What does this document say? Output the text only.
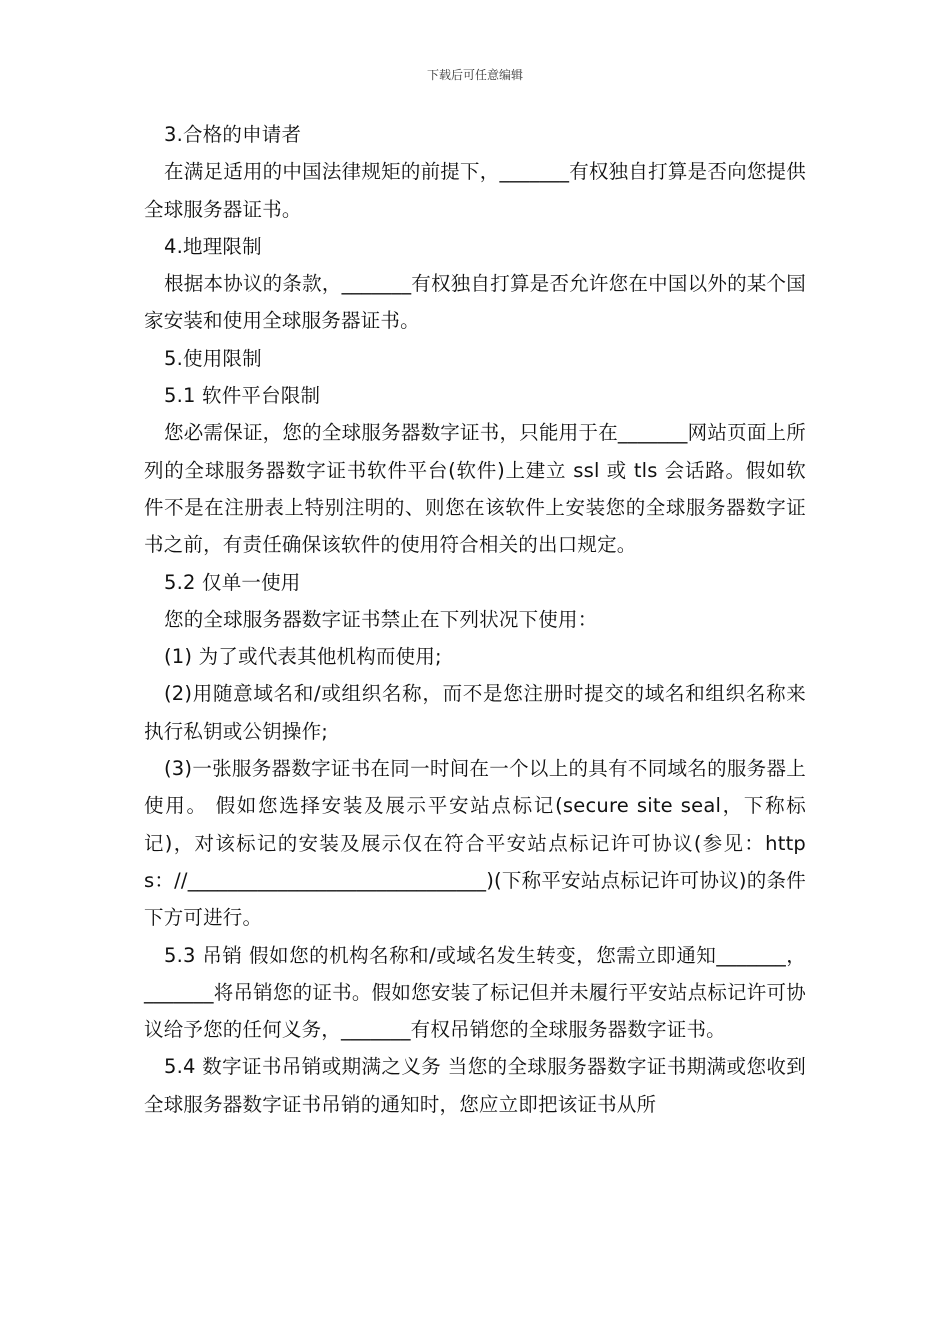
下载后可任意编辑

3.合格的申请者

在满足适用的中国法律规矩的前提下，_______有权独自打算是否向您提供全球服务器证书。

4.地理限制

根据本协议的条款，_______有权独自打算是否允许您在中国以外的某个国家安装和使用全球服务器证书。

5.使用限制

5.1 软件平台限制

您必需保证，您的全球服务器数字证书，只能用于在_______网站页面上所列的全球服务器数字证书软件平台(软件)上建立 ssl 或 tls 会话路。假如软件不是在注册表上特别注明的、则您在该软件上安装您的全球服务器数字证书之前，有责任确保该软件的使用符合相关的出口规定。

5.2 仅单一使用

您的全球服务器数字证书禁止在下列状况下使用：

(1) 为了或代表其他机构而使用;

(2)用随意域名和/或组织名称，而不是您注册时提交的域名和组织名称来执行私钥或公钥操作;

(3)一张服务器数字证书在同一时间在一个以上的具有不同域名的服务器上使用。 假如您选择安装及展示平安站点标记(secure site seal，下称标记)，对该标记的安装及展示仅在符合平安站点标记许可协议(参见：https：//______________________________)(下称平安站点标记许可协议)的条件下方可进行。

5.3 吊销 假如您的机构名称和/或域名发生转变，您需立即通知_______，_______将吊销您的证书。假如您安装了标记但并未履行平安站点标记许可协议给予您的任何义务，_______有权吊销您的全球服务器数字证书。

5.4 数字证书吊销或期满之义务 当您的全球服务器数字证书期满或您收到全球服务器数字证书吊销的通知时，您应立即把该证书从所
